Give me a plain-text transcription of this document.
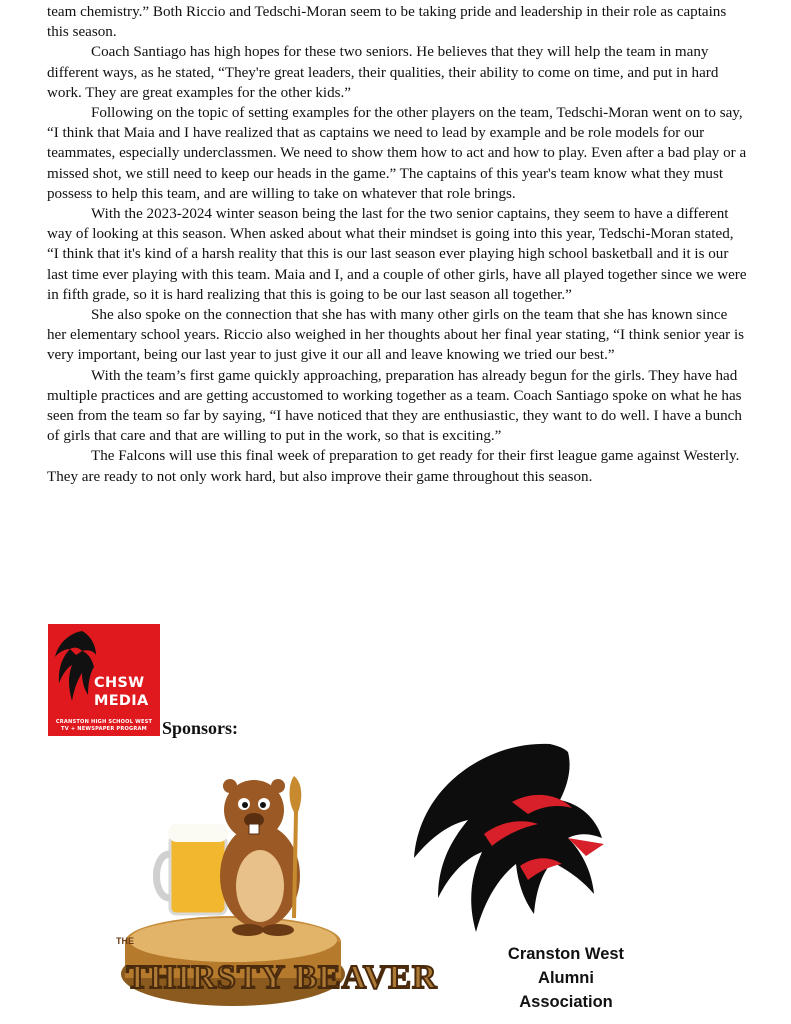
team chemistry.” Both Riccio and Tedschi-Moran seem to be taking pride and leadership in their role as captains this season.

Coach Santiago has high hopes for these two seniors. He believes that they will help the team in many different ways, as he stated, “They're great leaders, their qualities, their ability to come on time, and put in hard work. They are great examples for the other kids.”

Following on the topic of setting examples for the other players on the team, Tedschi-Moran went on to say, “I think that Maia and I have realized that as captains we need to lead by example and be role models for our teammates, especially underclassmen. We need to show them how to act and how to play. Even after a bad play or a missed shot, we still need to keep our heads in the game.” The captains of this year's team know what they must possess to help this team, and are willing to take on whatever that role brings.

With the 2023-2024 winter season being the last for the two senior captains, they seem to have a different way of looking at this season. When asked about what their mindset is going into this year, Tedschi-Moran stated, “I think that it's kind of a harsh reality that this is our last season ever playing high school basketball and it is our last time ever playing with this team. Maia and I, and a couple of other girls, have all played together since we were in fifth grade, so it is hard realizing that this is going to be our last season all together.”

She also spoke on the connection that she has with many other girls on the team that she has known since her elementary school years. Riccio also weighed in her thoughts about her final year stating, “I think senior year is very important, being our last year to just give it our all and leave knowing we tried our best.”

With the team’s first game quickly approaching, preparation has already begun for the girls. They have had multiple practices and are getting accustomed to working together as a team. Coach Santiago spoke on what he has seen from the team so far by saying, “I have noticed that they are enthusiastic, they want to do well. I have a bunch of girls that care and that are willing to put in the work, so that is exciting.”

The Falcons will use this final week of preparation to get ready for their first league game against Westerly. They are ready to not only work hard, but also improve their game throughout this season.

CHSW
MEDIA
CRANSTON HIGH SCHOOL WEST
TV + NEWSPAPER PROGRAM Sponsors:
THE
THIRSTY BEAVER
Cranston West
Alumni
Association
